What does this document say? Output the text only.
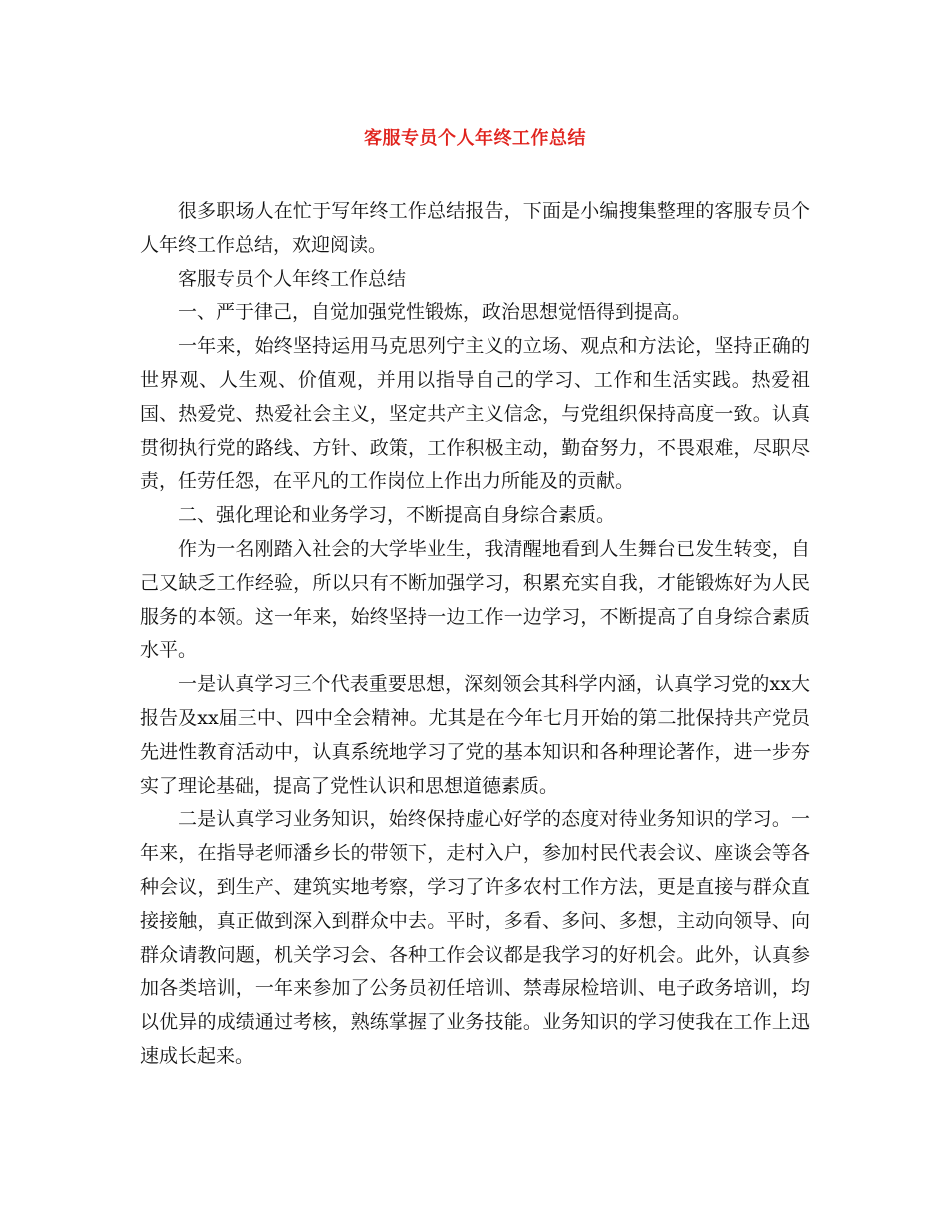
客服专员个人年终工作总结

很多职场人在忙于写年终工作总结报告，下面是小编搜集整理的客服专员个人年终工作总结，欢迎阅读。

客服专员个人年终工作总结

一、严于律己，自觉加强党性锻炼，政治思想觉悟得到提高。

一年来，始终坚持运用马克思列宁主义的立场、观点和方法论，坚持正确的世界观、人生观、价值观，并用以指导自己的学习、工作和生活实践。热爱祖国、热爱党、热爱社会主义，坚定共产主义信念，与党组织保持高度一致。认真贯彻执行党的路线、方针、政策，工作积极主动，勤奋努力，不畏艰难，尽职尽责，任劳任怨，在平凡的工作岗位上作出力所能及的贡献。

二、强化理论和业务学习，不断提高自身综合素质。

作为一名刚踏入社会的大学毕业生，我清醒地看到人生舞台已发生转变，自己又缺乏工作经验，所以只有不断加强学习，积累充实自我，才能锻炼好为人民服务的本领。这一年来，始终坚持一边工作一边学习，不断提高了自身综合素质水平。

一是认真学习三个代表重要思想，深刻领会其科学内涵，认真学习党的xx大报告及xx届三中、四中全会精神。尤其是在今年七月开始的第二批保持共产党员先进性教育活动中，认真系统地学习了党的基本知识和各种理论著作，进一步夯实了理论基础，提高了党性认识和思想道德素质。

二是认真学习业务知识，始终保持虚心好学的态度对待业务知识的学习。一年来，在指导老师潘乡长的带领下，走村入户，参加村民代表会议、座谈会等各种会议，到生产、建筑实地考察，学习了许多农村工作方法，更是直接与群众直接接触，真正做到深入到群众中去。平时，多看、多问、多想，主动向领导、向群众请教问题，机关学习会、各种工作会议都是我学习的好机会。此外，认真参加各类培训，一年来参加了公务员初任培训、禁毒尿检培训、电子政务培训，均以优异的成绩通过考核，熟练掌握了业务技能。业务知识的学习使我在工作上迅速成长起来。
